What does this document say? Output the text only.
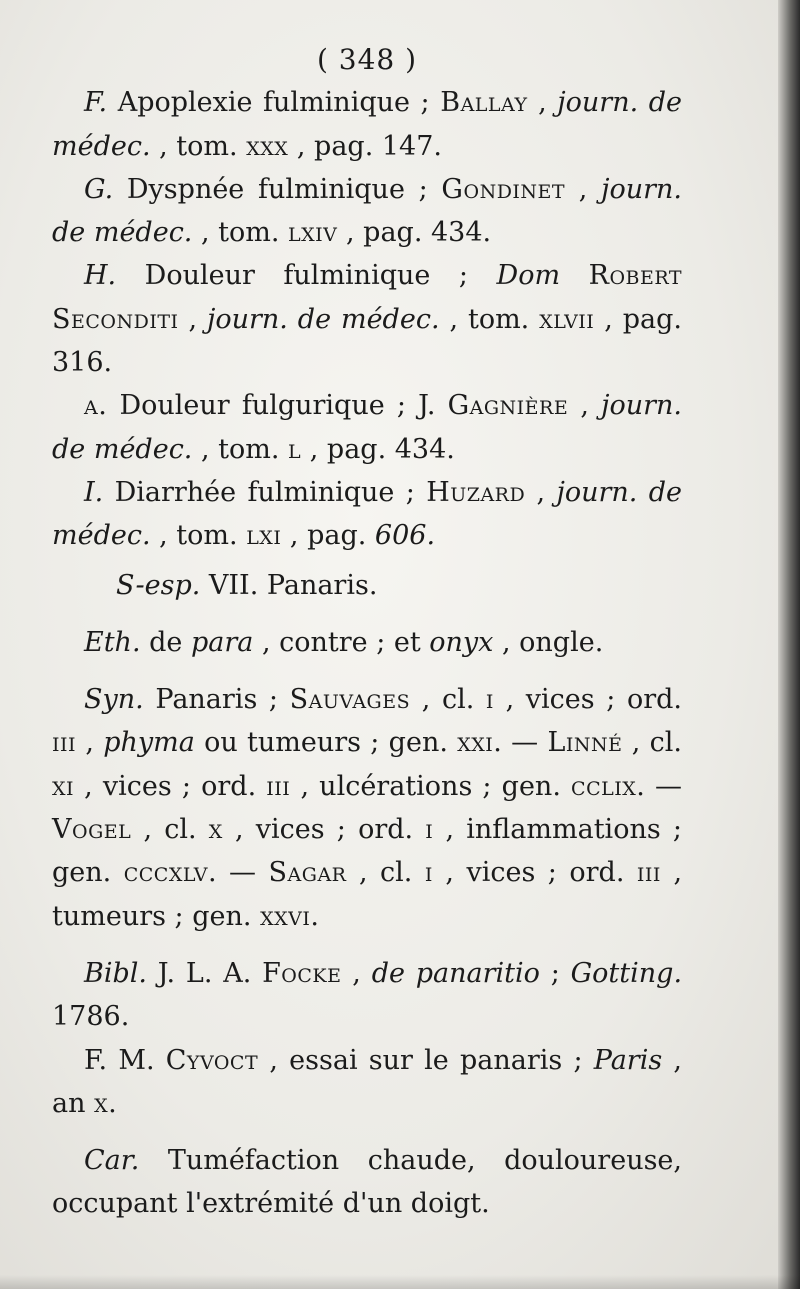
( 348 )

F. Apoplexie fulminique ; Ballay , journ. de médec. , tom. xxx , pag. 147.

G. Dyspnée fulminique ; Gondinet , journ. de médec. , tom. lxiv , pag. 434.

H. Douleur fulminique ; Dom Robert Seconditi , journ. de médec. , tom. xlvii , pag. 316.

a. Douleur fulgurique ; J. Gagnière , journ. de médec. , tom. l , pag. 434.

I. Diarrhée fulminique ; Huzard , journ. de médec. , tom. lxi , pag. 606.

S-esp. VII. Panaris.

Eth. de para , contre ; et onyx , ongle.

Syn. Panaris ; Sauvages , cl. i , vices ; ord. iii , phyma ou tumeurs ; gen. xxi. — Linné , cl. xi , vices ; ord. iii , ulcérations ; gen. cclix. — Vogel , cl. x , vices ; ord. i , inflammations ; gen. cccxlv. — Sagar , cl. i , vices ; ord. iii , tumeurs ; gen. xxvi.

Bibl. J. L. A. Focke , de panaritio ; Gotting. 1786.

F. M. Cyvoct , essai sur le panaris ; Paris , an x.

Car. Tuméfaction chaude, douloureuse, occupant l'extrémité d'un doigt.
